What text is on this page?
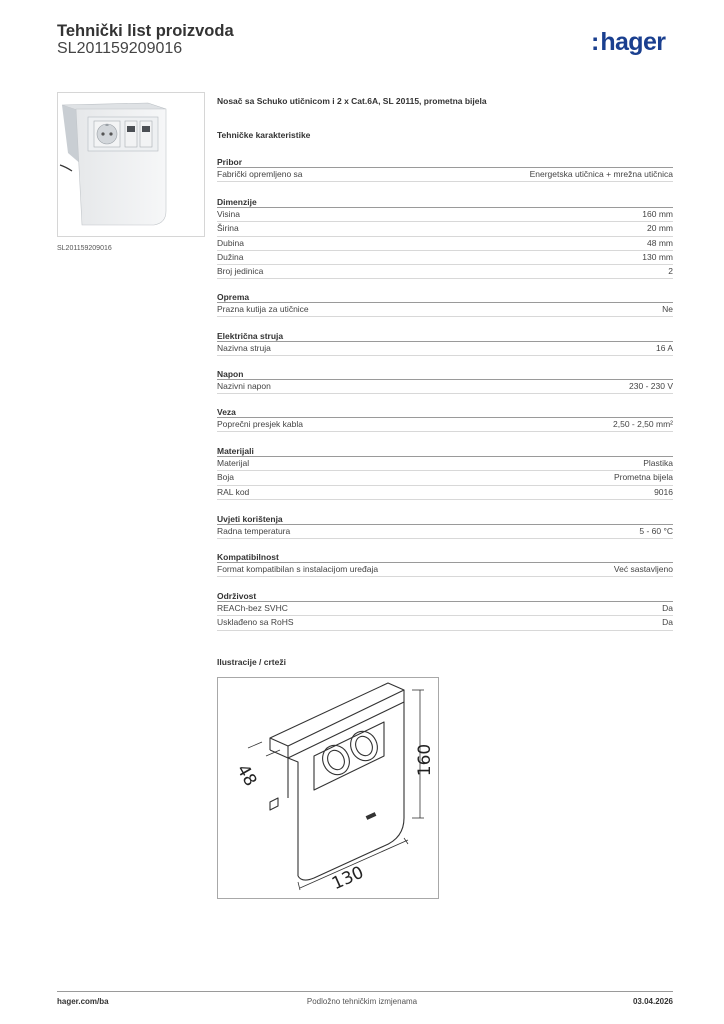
Tehnički list proizvoda
SL201159209016	:hager
SL201159209016
Nosač sa Schuko utičnicom i 2 x Cat.6A, SL 20115, prometna bijela
Tehničke karakteristike
Pribor
Fabrički opremljeno sa	Energetska utičnica + mrežna utičnica
Dimenzije
Visina	160 mm
Širina	20 mm
Dubina	48 mm
Dužina	130 mm
Broj jedinica	2
Oprema
Prazna kutija za utičnice	Ne
Električna struja
Nazivna struja	16 A
Napon
Nazivni napon	230 - 230 V
Veza
Poprečni presjek kabla	2,50 - 2,50 mm²
Materijali
Materijal	Plastika
Boja	Prometna bijela
RAL kod	9016
Uvjeti korištenja
Radna temperatura	5 - 60 °C
Kompatibilnost
Format kompatibilan s instalacijom uređaja	Već sastavljeno
Održivost
REACh-bez SVHC	Da
Usklađeno sa RoHS	Da
Ilustracije / crteži
160
48
130
hager.com/ba	Podložno tehničkim izmjenama	03.04.2026
